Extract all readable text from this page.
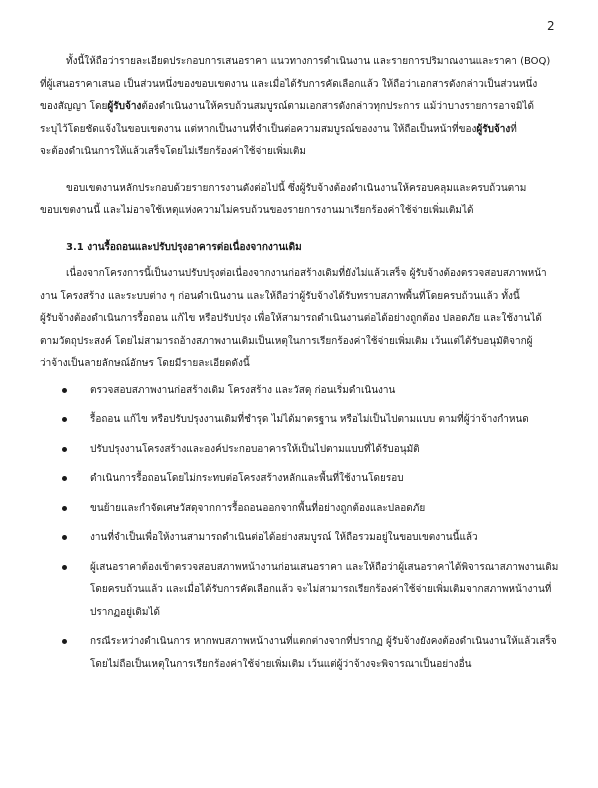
2
ทั้งนี้ให้ถือว่ารายละเอียดประกอบการเสนอราคา แนวทางการดำเนินงาน และรายการปริมาณงานและราคา (BOQ)
ที่ผู้เสนอราคาเสนอ เป็นส่วนหนึ่งของขอบเขตงาน และเมื่อได้รับการคัดเลือกแล้ว ให้ถือว่าเอกสารดังกล่าวเป็นส่วนหนึ่ง
ของสัญญา โดยผู้รับจ้างต้องดำเนินงานให้ครบถ้วนสมบูรณ์ตามเอกสารดังกล่าวทุกประการ แม้ว่าบางรายการอาจมิได้
ระบุไว้โดยชัดแจ้งในขอบเขตงาน แต่หากเป็นงานที่จำเป็นต่อความสมบูรณ์ของงาน ให้ถือเป็นหน้าที่ของผู้รับจ้างที่
จะต้องดำเนินการให้แล้วเสร็จโดยไม่เรียกร้องค่าใช้จ่ายเพิ่มเติม
ขอบเขตงานหลักประกอบด้วยรายการงานดังต่อไปนี้ ซึ่งผู้รับจ้างต้องดำเนินงานให้ครอบคลุมและครบถ้วนตาม
ขอบเขตงานนี้ และไม่อาจใช้เหตุแห่งความไม่ครบถ้วนของรายการงานมาเรียกร้องค่าใช้จ่ายเพิ่มเติมได้
3.1 งานรื้อถอนและปรับปรุงอาคารต่อเนื่องจากงานเดิม
เนื่องจากโครงการนี้เป็นงานปรับปรุงต่อเนื่องจากงานก่อสร้างเดิมที่ยังไม่แล้วเสร็จ ผู้รับจ้างต้องตรวจสอบสภาพหน้า
งาน โครงสร้าง และระบบต่าง ๆ ก่อนดำเนินงาน และให้ถือว่าผู้รับจ้างได้รับทราบสภาพพื้นที่โดยครบถ้วนแล้ว ทั้งนี้
ผู้รับจ้างต้องดำเนินการรื้อถอน แก้ไข หรือปรับปรุง เพื่อให้สามารถดำเนินงานต่อได้อย่างถูกต้อง ปลอดภัย และใช้งานได้
ตามวัตถุประสงค์ โดยไม่สามารถอ้างสภาพงานเดิมเป็นเหตุในการเรียกร้องค่าใช้จ่ายเพิ่มเติม เว้นแต่ได้รับอนุมัติจากผู้
ว่าจ้างเป็นลายลักษณ์อักษร โดยมีรายละเอียดดังนี้
ตรวจสอบสภาพงานก่อสร้างเดิม โครงสร้าง และวัสดุ ก่อนเริ่มดำเนินงาน
รื้อถอน แก้ไข หรือปรับปรุงงานเดิมที่ชำรุด ไม่ได้มาตรฐาน หรือไม่เป็นไปตามแบบ ตามที่ผู้ว่าจ้างกำหนด
ปรับปรุงงานโครงสร้างและองค์ประกอบอาคารให้เป็นไปตามแบบที่ได้รับอนุมัติ
ดำเนินการรื้อถอนโดยไม่กระทบต่อโครงสร้างหลักและพื้นที่ใช้งานโดยรอบ
ขนย้ายและกำจัดเศษวัสดุจากการรื้อถอนออกจากพื้นที่อย่างถูกต้องและปลอดภัย
งานที่จำเป็นเพื่อให้งานสามารถดำเนินต่อได้อย่างสมบูรณ์ ให้ถือรวมอยู่ในขอบเขตงานนี้แล้ว
ผู้เสนอราคาต้องเข้าตรวจสอบสภาพหน้างานก่อนเสนอราคา และให้ถือว่าผู้เสนอราคาได้พิจารณาสภาพงานเดิม
โดยครบถ้วนแล้ว และเมื่อได้รับการคัดเลือกแล้ว จะไม่สามารถเรียกร้องค่าใช้จ่ายเพิ่มเติมจากสภาพหน้างานที่
ปรากฏอยู่เดิมได้
กรณีระหว่างดำเนินการ หากพบสภาพหน้างานที่แตกต่างจากที่ปรากฏ ผู้รับจ้างยังคงต้องดำเนินงานให้แล้วเสร็จ
โดยไม่ถือเป็นเหตุในการเรียกร้องค่าใช้จ่ายเพิ่มเติม เว้นแต่ผู้ว่าจ้างจะพิจารณาเป็นอย่างอื่น
